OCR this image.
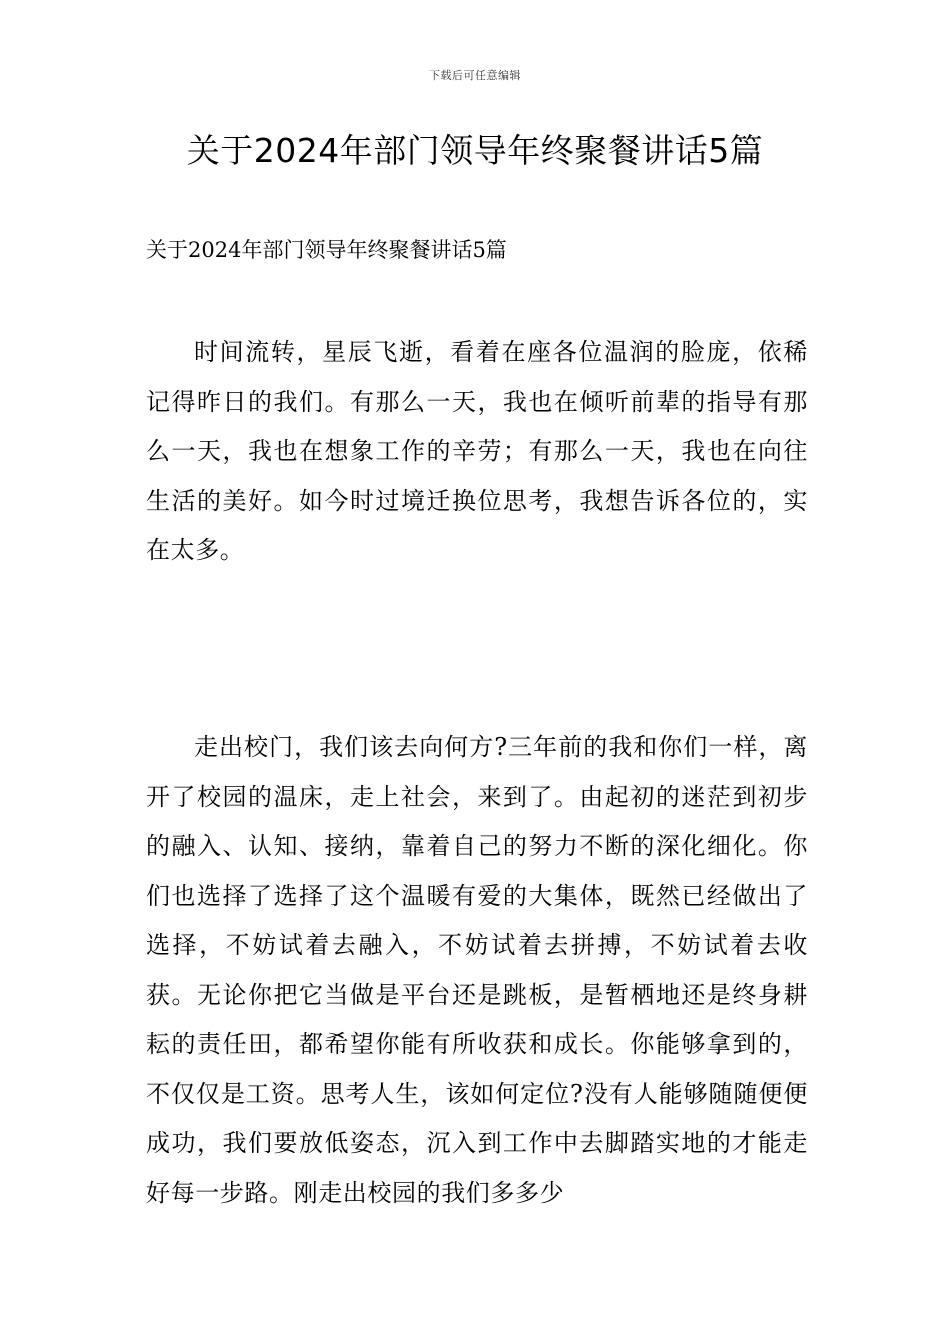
下载后可任意编辑
关于2024年部门领导年终聚餐讲话5篇

关于2024年部门领导年终聚餐讲话5篇

时间流转，星辰飞逝，看着在座各位温润的脸庞，依稀记得昨日的我们。有那么一天，我也在倾听前辈的指导有那么一天，我也在想象工作的辛劳；有那么一天，我也在向往生活的美好。如今时过境迁换位思考，我想告诉各位的，实在太多。

走出校门，我们该去向何方?三年前的我和你们一样，离开了校园的温床，走上社会，来到了。由起初的迷茫到初步的融入、认知、接纳，靠着自己的努力不断的深化细化。你们也选择了选择了这个温暖有爱的大集体，既然已经做出了选择，不妨试着去融入，不妨试着去拼搏，不妨试着去收获。无论你把它当做是平台还是跳板，是暂栖地还是终身耕耘的责任田，都希望你能有所收获和成长。你能够拿到的，不仅仅是工资。思考人生，该如何定位?没有人能够随随便便成功，我们要放低姿态，沉入到工作中去脚踏实地的才能走好每一步路。刚走出校园的我们多多少
